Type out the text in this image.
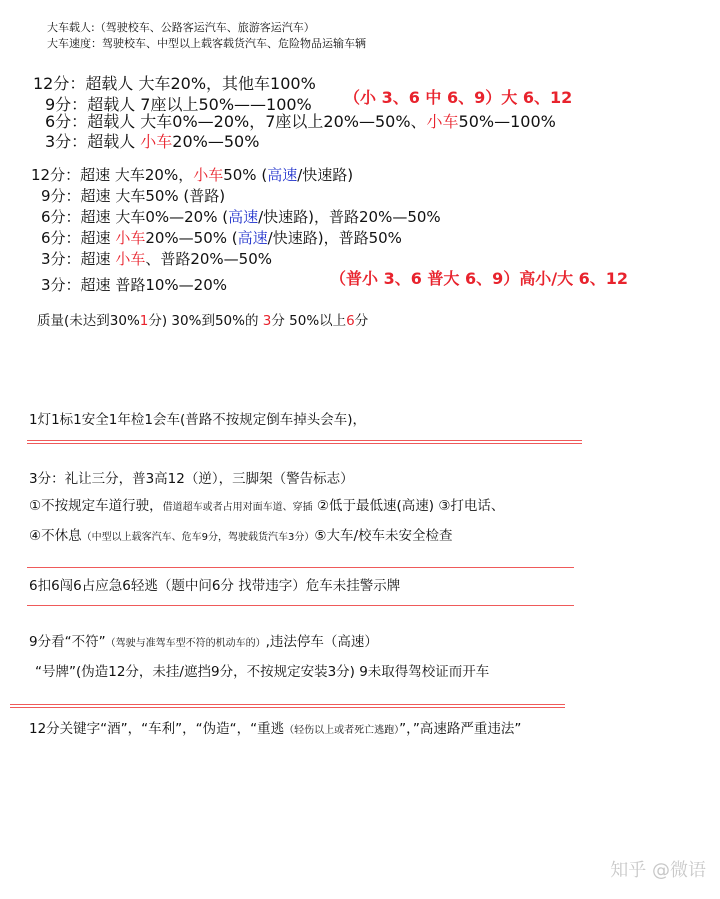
大车载人:（驾驶校车、公路客运汽车、旅游客运汽车）
大车速度：驾驶校车、中型以上载客载货汽车、危险物品运输车辆
12分：超载人 大车20%，其他车100%
9分：超载人 7座以上50%——100% （小 3、6 中 6、9）大 6、12
6分：超载人 大车0%—20%，7座以上20%—50%、小车50%—100%
3分：超载人 小车20%—50%
12分：超速 大车20%，小车50% (高速/快速路)
9分：超速 大车50% (普路)
6分：超速 大车0%—20% (高速/快速路)，普路20%—50%
6分：超速 小车20%—50% (高速/快速路)，普路50%
3分：超速 小车、普路20%—50%
（普小 3、6 普大 6、9）高小/大 6、12
3分：超速 普路10%—20%
质量(未达到30%1分) 30%到50%的 3分 50%以上6分
1灯1标1安全1年检1会车(普路不按规定倒车掉头会车)，
3分：礼让三分，普3高12（逆），三脚架（警告标志）
①不按规定车道行驶，借道超车或者占用对面车道、穿插 ②低于最低速(高速) ③打电话、
④不休息（中型以上载客汽车、危车9分，驾驶载货汽车3分）⑤大车/校车未安全检查
6扣6闯6占应急6轻逃（题中问6分 找带违字）危车未挂警示牌
9分看“不符”（驾驶与准驾车型不符的机动车的）,违法停车（高速）
“号牌”(伪造12分，未挂/遮挡9分，不按规定安装3分) 9未取得驾校证而开车
12分关键字“酒”，“车利”，“伪造“，“重逃（轻伤以上或者死亡逃跑）”，”高速路严重违法”
知乎 @微语
